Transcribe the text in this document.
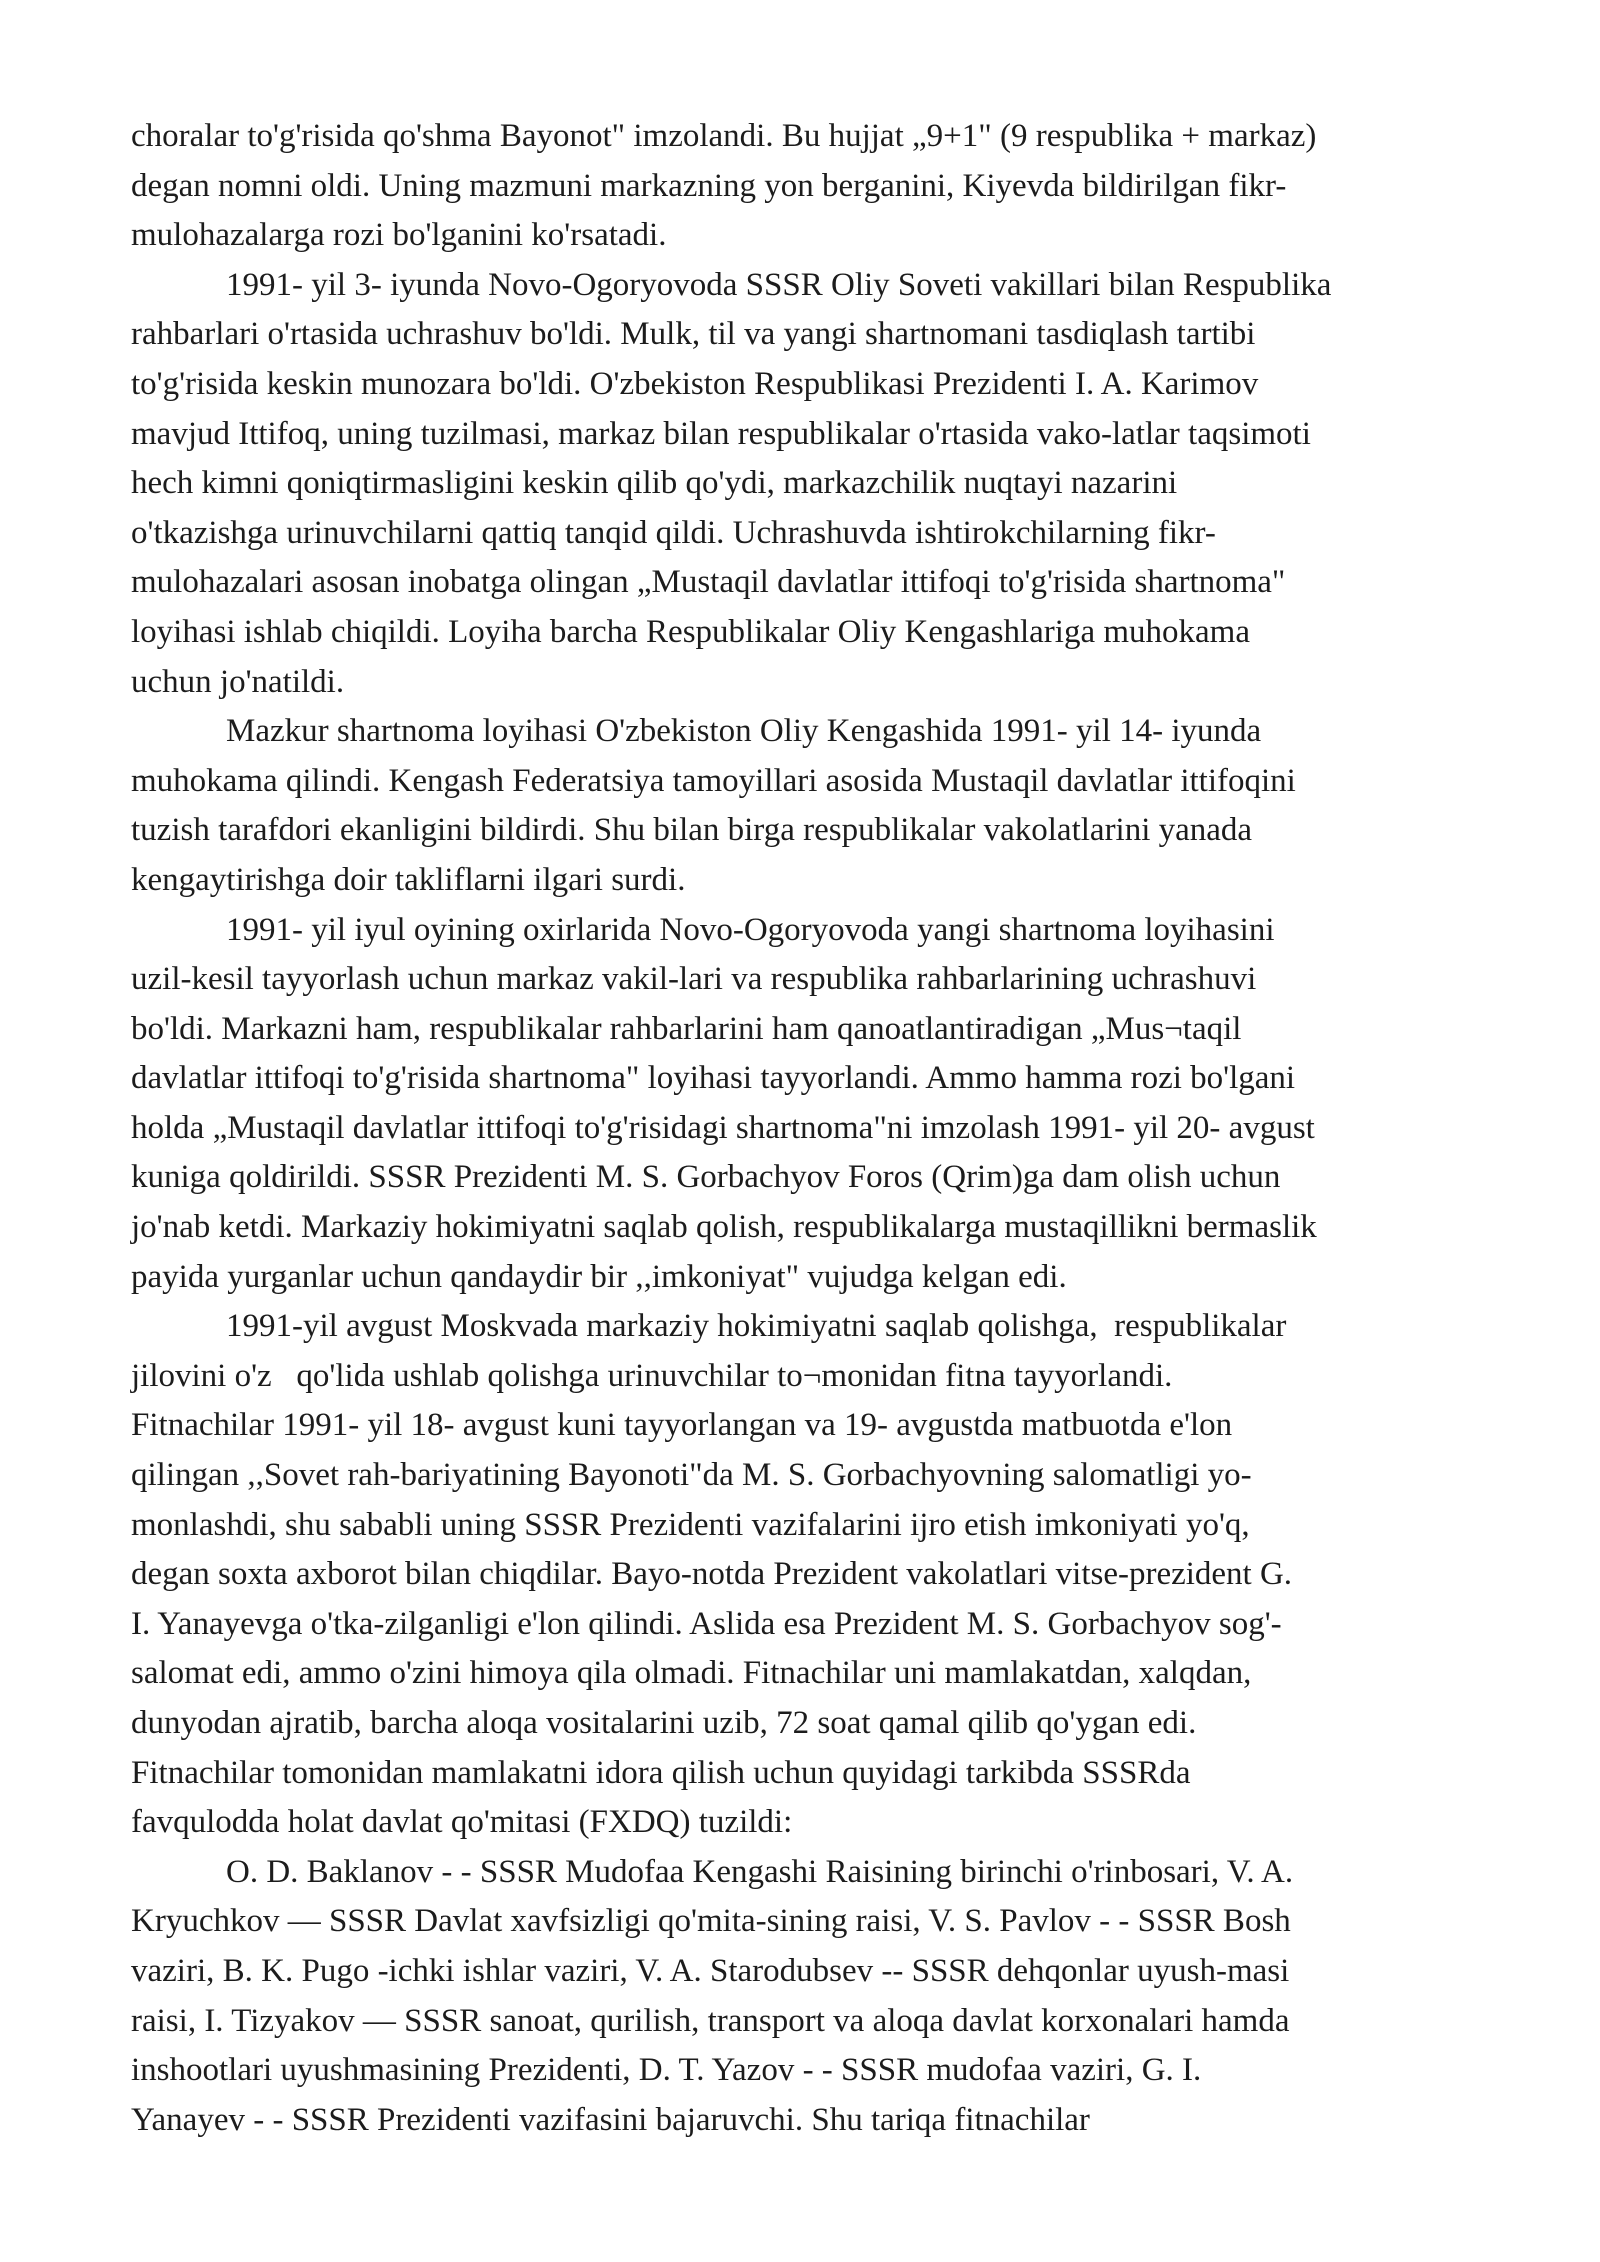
choralar to'g'risida qo'shma Bayonot" imzolandi. Bu hujjat „9+1" (9 respublika + markaz)
degan nomni oldi. Uning mazmuni markazning yon berganini, Kiyevda bildirilgan fikr-
mulohazalarga rozi bo'lganini ko'rsatadi.

1991- yil 3- iyunda Novo-Ogoryovoda SSSR Oliy Soveti vakillari bilan Respublika
rahbarlari o'rtasida uchrashuv bo'ldi. Mulk, til va yangi shartnomani tasdiqlash tartibi
to'g'risida keskin munozara bo'ldi. O'zbekiston Respublikasi Prezidenti I. A. Karimov
mavjud Ittifoq, uning tuzilmasi, markaz bilan respublikalar o'rtasida vako-latlar taqsimoti
hech kimni qoniqtirmasligini keskin qilib qo'ydi, markazchilik nuqtayi nazarini
o'tkazishga urinuvchilarni qattiq tanqid qildi. Uchrashuvda ishtirokchilarning fikr-
mulohazalari asosan inobatga olingan „Mustaqil davlatlar ittifoqi to'g'risida shartnoma"
loyihasi ishlab chiqildi. Loyiha barcha Respublikalar Oliy Kengashlariga muhokama
uchun jo'natildi.

Mazkur shartnoma loyihasi O'zbekiston Oliy Kengashida 1991- yil 14- iyunda
muhokama qilindi. Kengash Federatsiya tamoyillari asosida Mustaqil davlatlar ittifoqini
tuzish tarafdori ekanligini bildirdi. Shu bilan birga respublikalar vakolatlarini yanada
kengaytirishga doir takliflarni ilgari surdi.

1991- yil iyul oyining oxirlarida Novo-Ogoryovoda yangi shartnoma loyihasini
uzil-kesil tayyorlash uchun markaz vakil-lari va respublika rahbarlarining uchrashuvi
bo'ldi. Markazni ham, respublikalar rahbarlarini ham qanoatlantiradigan „Mus¬taqil
davlatlar ittifoqi to'g'risida shartnoma" loyihasi tayyorlandi. Ammo hamma rozi bo'lgani
holda „Mustaqil davlatlar ittifoqi to'g'risidagi shartnoma"ni imzolash 1991- yil 20- avgust
kuniga qoldirildi. SSSR Prezidenti M. S. Gorbachyov Foros (Qrim)ga dam olish uchun
jo'nab ketdi. Markaziy hokimiyatni saqlab qolish, respublikalarga mustaqillikni bermaslik
payida yurganlar uchun qandaydir bir ,,imkoniyat" vujudga kelgan edi.

1991-yil avgust Moskvada markaziy hokimiyatni saqlab qolishga,  respublikalar
jilovini o'z   qo'lida ushlab qolishga urinuvchilar to¬monidan fitna tayyorlandi.
Fitnachilar 1991- yil 18- avgust kuni tayyorlangan va 19- avgustda matbuotda e'lon
qilingan ,,Sovet rah-bariyatining Bayonoti"da M. S. Gorbachyovning salomatligi yo-
monlashdi, shu sababli uning SSSR Prezidenti vazifalarini ijro etish imkoniyati yo'q,
degan soxta axborot bilan chiqdilar. Bayo-notda Prezident vakolatlari vitse-prezident G.
I. Yanayevga o'tka-zilganligi e'lon qilindi. Aslida esa Prezident M. S. Gorbachyov sog'-
salomat edi, ammo o'zini himoya qila olmadi. Fitnachilar uni mamlakatdan, xalqdan,
dunyodan ajratib, barcha aloqa vositalarini uzib, 72 soat qamal qilib qo'ygan edi.
Fitnachilar tomonidan mamlakatni idora qilish uchun quyidagi tarkibda SSSRda
favqulodda holat davlat qo'mitasi (FXDQ) tuzildi:

O. D. Baklanov - - SSSR Mudofaa Kengashi Raisining birinchi o'rinbosari, V. A.
Kryuchkov — SSSR Davlat xavfsizligi qo'mita-sining raisi, V. S. Pavlov - - SSSR Bosh
vaziri, B. K. Pugo -ichki ishlar vaziri, V. A. Starodubsev -- SSSR dehqonlar uyush-masi
raisi, I. Tizyakov — SSSR sanoat, qurilish, transport va aloqa davlat korxonalari hamda
inshootlari uyushmasining Prezidenti, D. T. Yazov - - SSSR mudofaa vaziri, G. I.
Yanayev - - SSSR Prezidenti vazifasini bajaruvchi. Shu tariqa fitnachilar
